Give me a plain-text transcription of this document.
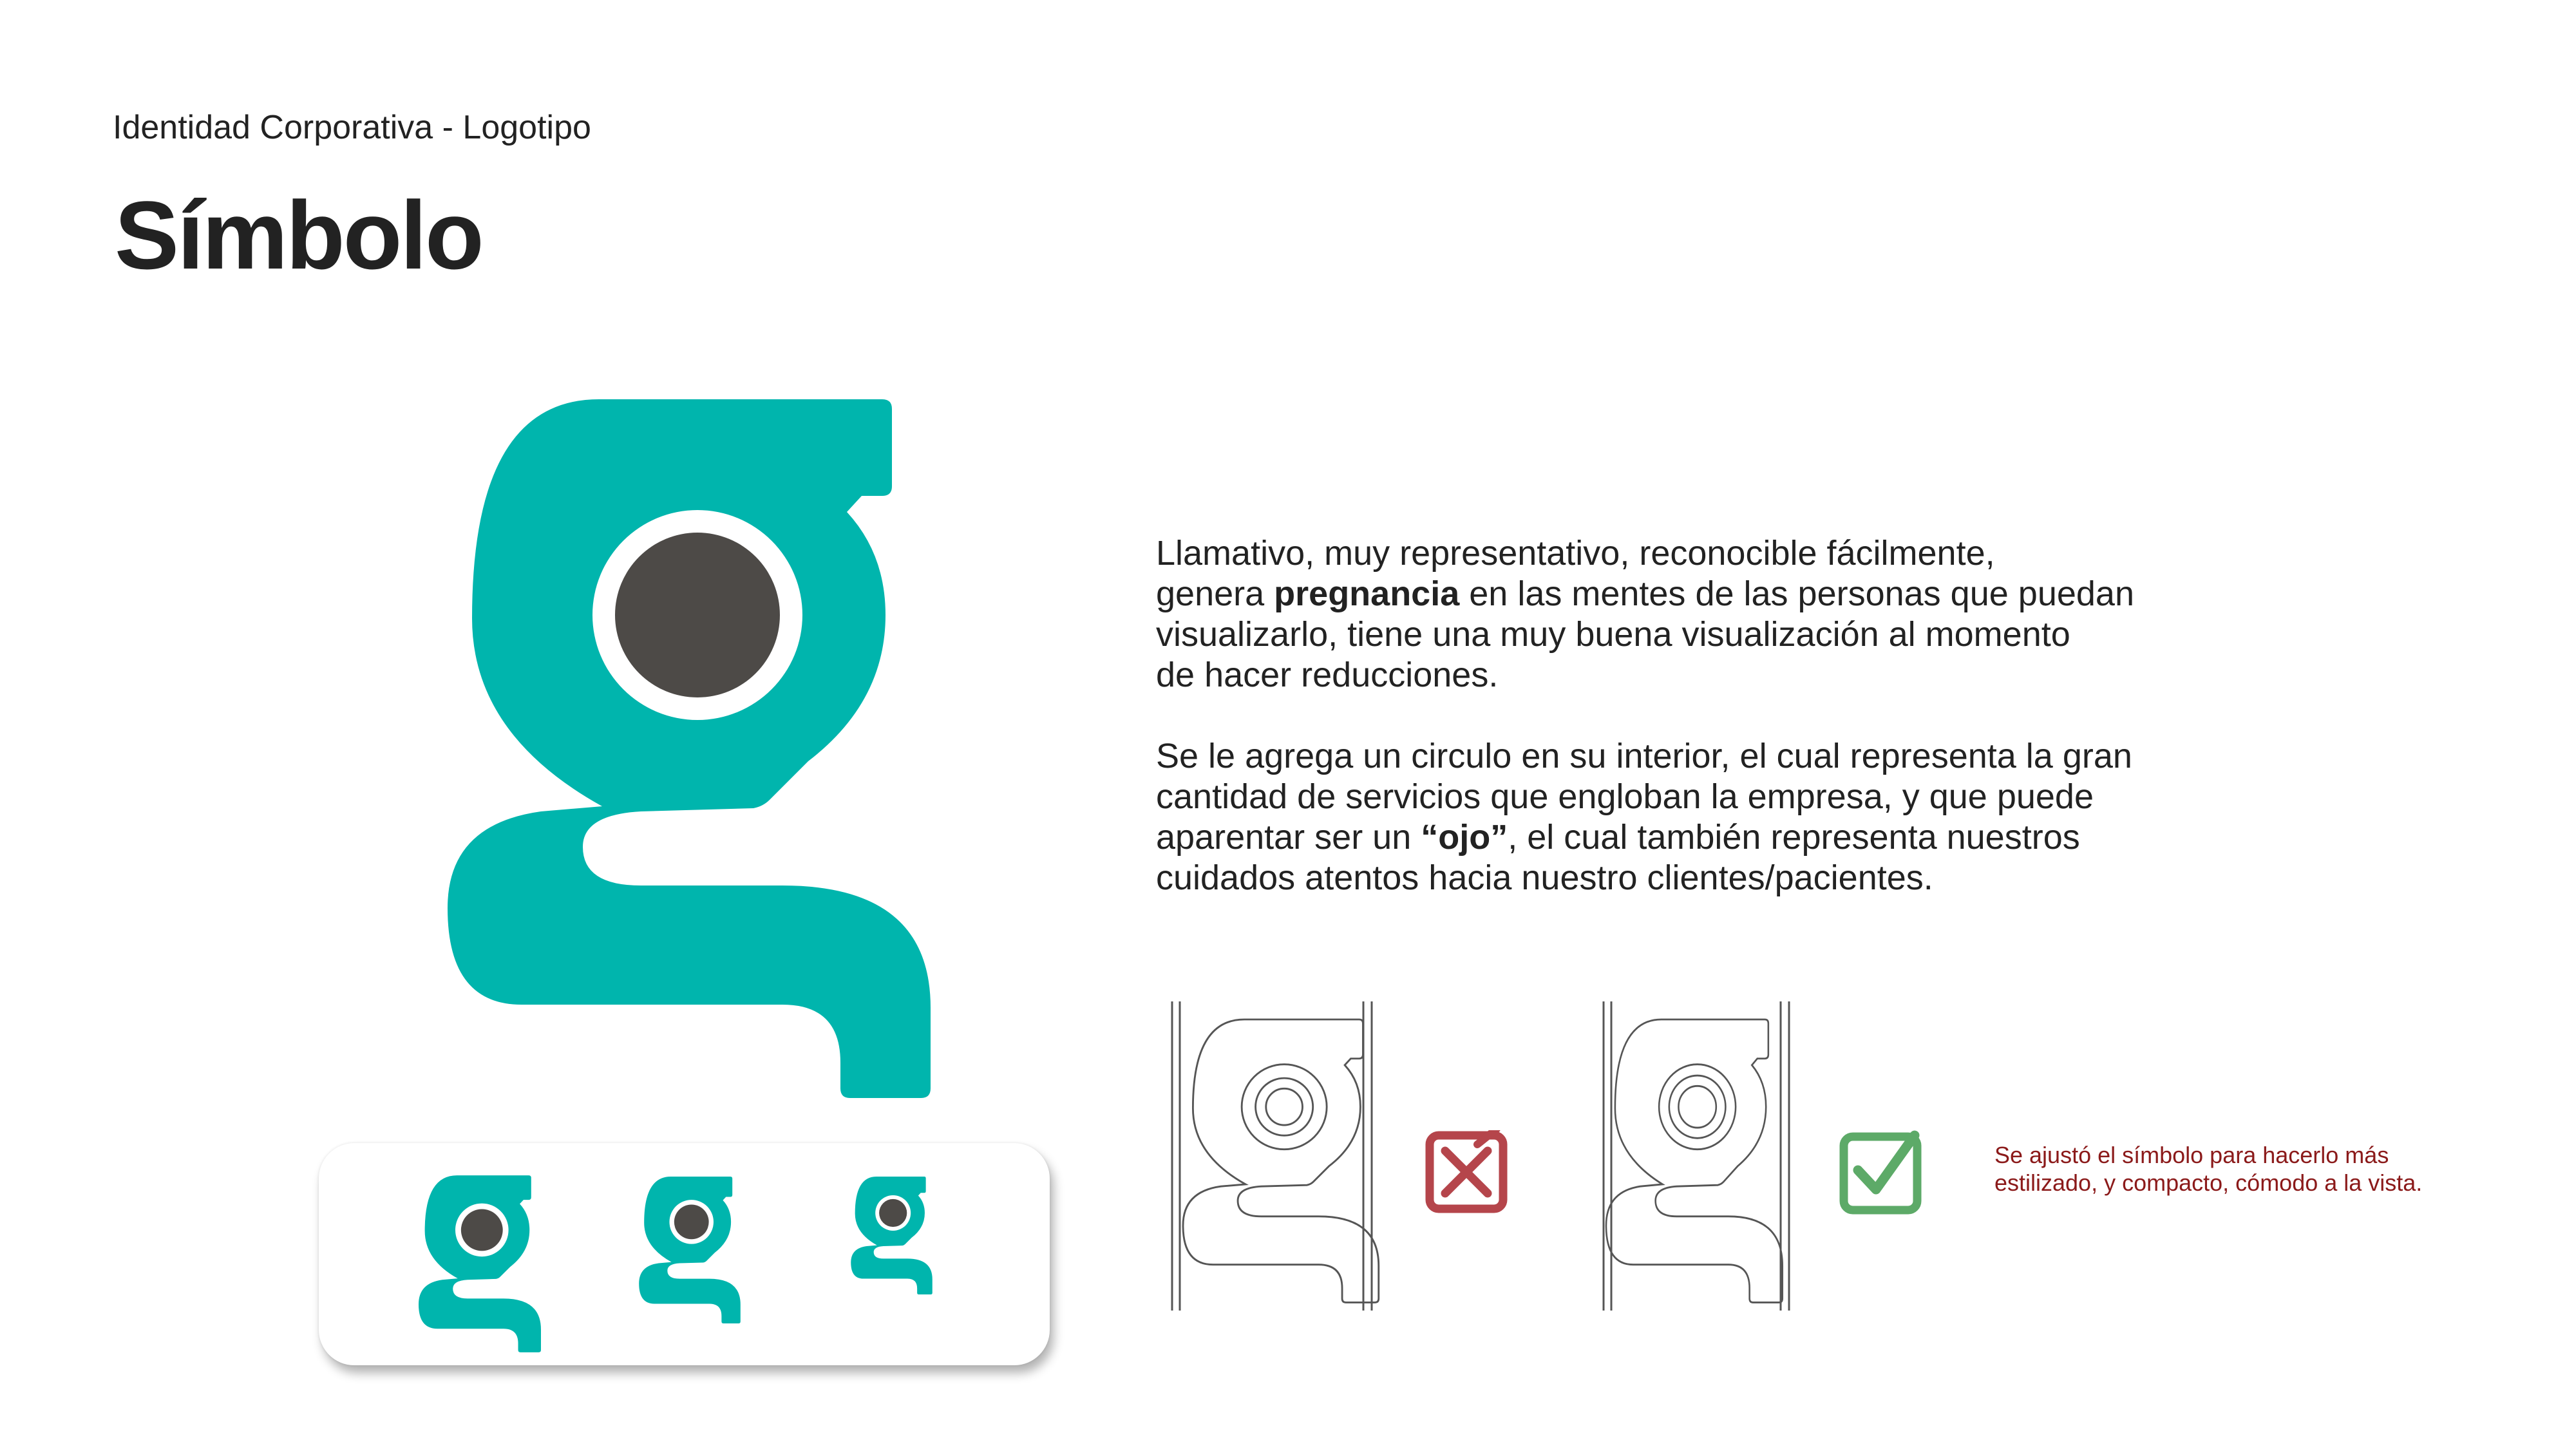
Identidad Corporativa - Logotipo
Símbolo

Llamativo, muy representativo, reconocible fácilmente,
genera pregnancia en las mentes de las personas que puedan
visualizarlo, tiene una muy buena visualización al momento
de hacer reducciones.

Se le agrega un circulo en su interior, el cual representa la gran
cantidad de servicios que engloban la empresa, y que puede
aparentar ser un “ojo”, el cual también representa nuestros
cuidados atentos hacia nuestro clientes/pacientes.

Se ajustó el símbolo para hacerlo más
estilizado, y compacto, cómodo a la vista.
